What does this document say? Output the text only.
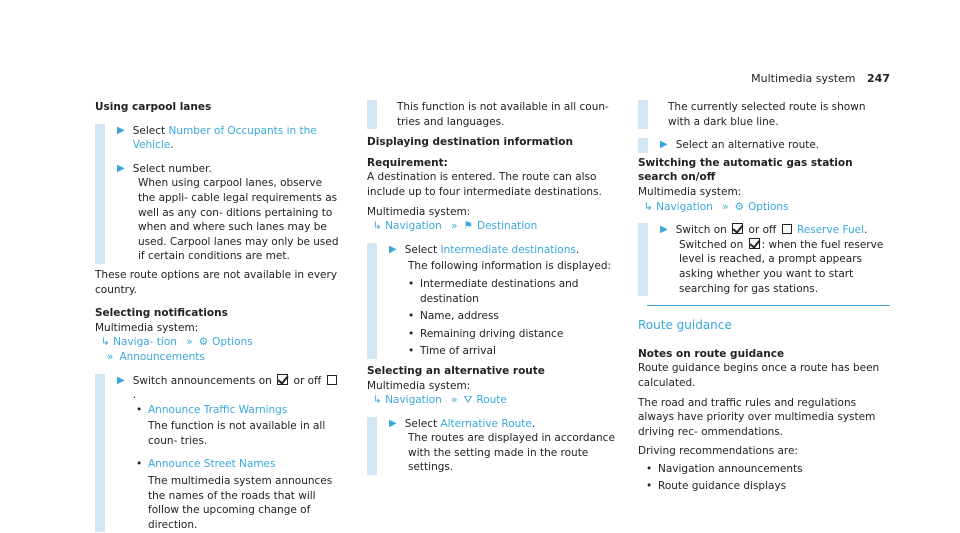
Multimedia system 247
Using carpool lanes
▶ Select Number of Occupants in the Vehicle.
▶ Select number.
When using carpool lanes, observe the appli- cable legal requirements as well as any con- ditions pertaining to when and where such lanes may be used. Carpool lanes may only be used if certain conditions are met.
These route options are not available in every country.
Selecting notifications
Multimedia system:
↳ Naviga- tion » ⚙ Options » Announcements
▶ Switch announcements on or off .
• Announce Traffic Warnings
The function is not available in all coun- tries.
• Announce Street Names
The multimedia system announces the names of the roads that will follow the upcoming change of direction.
This function is not available in all coun- tries and languages.
Displaying destination information
Requirement:
A destination is entered. The route can also include up to four intermediate destinations.
Multimedia system:
↳ Navigation » ⚑ Destination
▶ Select Intermediate destinations.
The following information is displayed:
• Intermediate destinations and destination
• Name, address
• Remaining driving distance
• Time of arrival
Selecting an alternative route
Multimedia system:
↳ Navigation » ⛛ Route
▶ Select Alternative Route.
The routes are displayed in accordance with the setting made in the route settings.
The currently selected route is shown with a dark blue line.
▶ Select an alternative route.
Switching the automatic gas station search on/off
Multimedia system:
↳ Navigation » ⚙ Options
▶ Switch on or off Reserve Fuel.
Switched on : when the fuel reserve level is reached, a prompt appears asking whether you want to start searching for gas stations.
Route guidance
Notes on route guidance
Route guidance begins once a route has been calculated.
The road and traffic rules and regulations always have priority over multimedia system driving rec- ommendations.
Driving recommendations are:
• Navigation announcements
• Route guidance displays
